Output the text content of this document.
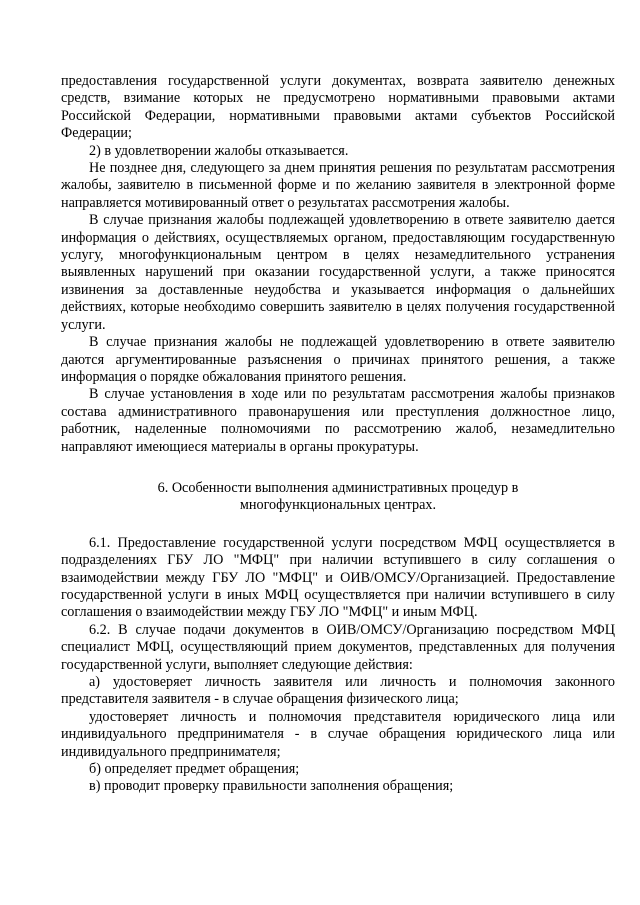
предоставления государственной услуги документах, возврата заявителю денежных средств, взимание которых не предусмотрено нормативными правовыми актами Российской Федерации, нормативными правовыми актами субъектов Российской Федерации;

2) в удовлетворении жалобы отказывается.

Не позднее дня, следующего за днем принятия решения по результатам рассмотрения жалобы, заявителю в письменной форме и по желанию заявителя в электронной форме направляется мотивированный ответ о результатах рассмотрения жалобы.

В случае признания жалобы подлежащей удовлетворению в ответе заявителю дается информация о действиях, осуществляемых органом, предоставляющим государственную услугу, многофункциональным центром в целях незамедлительного устранения выявленных нарушений при оказании государственной услуги, а также приносятся извинения за доставленные неудобства и указывается информация о дальнейших действиях, которые необходимо совершить заявителю в целях получения государственной услуги.

В случае признания жалобы не подлежащей удовлетворению в ответе заявителю даются аргументированные разъяснения о причинах принятого решения, а также информация о порядке обжалования принятого решения.

В случае установления в ходе или по результатам рассмотрения жалобы признаков состава административного правонарушения или преступления должностное лицо, работник, наделенные полномочиями по рассмотрению жалоб, незамедлительно направляют имеющиеся материалы в органы прокуратуры.

6. Особенности выполнения административных процедур в
многофункциональных центрах.

6.1. Предоставление государственной услуги посредством МФЦ осуществляется в подразделениях ГБУ ЛО "МФЦ" при наличии вступившего в силу соглашения о взаимодействии между ГБУ ЛО "МФЦ" и ОИВ/ОМСУ/Организацией. Предоставление государственной услуги в иных МФЦ осуществляется при наличии вступившего в силу соглашения о взаимодействии между ГБУ ЛО "МФЦ" и иным МФЦ.

6.2. В случае подачи документов в ОИВ/ОМСУ/Организацию посредством МФЦ специалист МФЦ, осуществляющий прием документов, представленных для получения государственной услуги, выполняет следующие действия:

а) удостоверяет личность заявителя или личность и полномочия законного представителя заявителя - в случае обращения физического лица;

удостоверяет личность и полномочия представителя юридического лица или индивидуального предпринимателя - в случае обращения юридического лица или индивидуального предпринимателя;

б) определяет предмет обращения;

в) проводит проверку правильности заполнения обращения;
